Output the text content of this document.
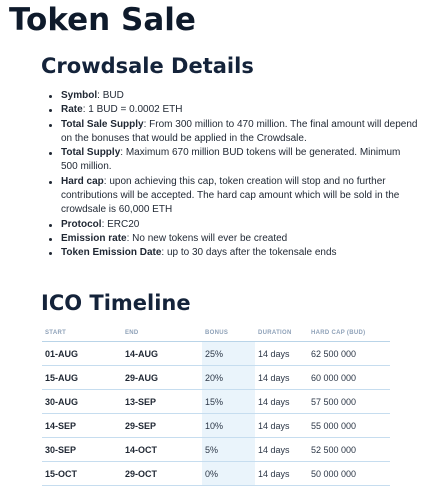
Token Sale
Crowdsale Details
Symbol: BUD
Rate: 1 BUD = 0.0002 ETH
Total Sale Supply: From 300 million to 470 million. The final amount will depend on the bonuses that would be applied in the Crowdsale.
Total Supply: Maximum 670 million BUD tokens will be generated. Minimum 500 million.
Hard cap: upon achieving this cap, token creation will stop and no further contributions will be accepted. The hard cap amount which will be sold in the crowdsale is 60,000 ETH
Protocol: ERC20
Emission rate: No new tokens will ever be created
Token Emission Date: up to 30 days after the tokensale ends
ICO Timeline
START	END	BONUS	DURATION	HARD CAP (BUD)
01-AUG	14-AUG	25%	14 days	62 500 000
15-AUG	29-AUG	20%	14 days	60 000 000
30-AUG	13-SEP	15%	14 days	57 500 000
14-SEP	29-SEP	10%	14 days	55 000 000
30-SEP	14-OCT	5%	14 days	52 500 000
15-OCT	29-OCT	0%	14 days	50 000 000
